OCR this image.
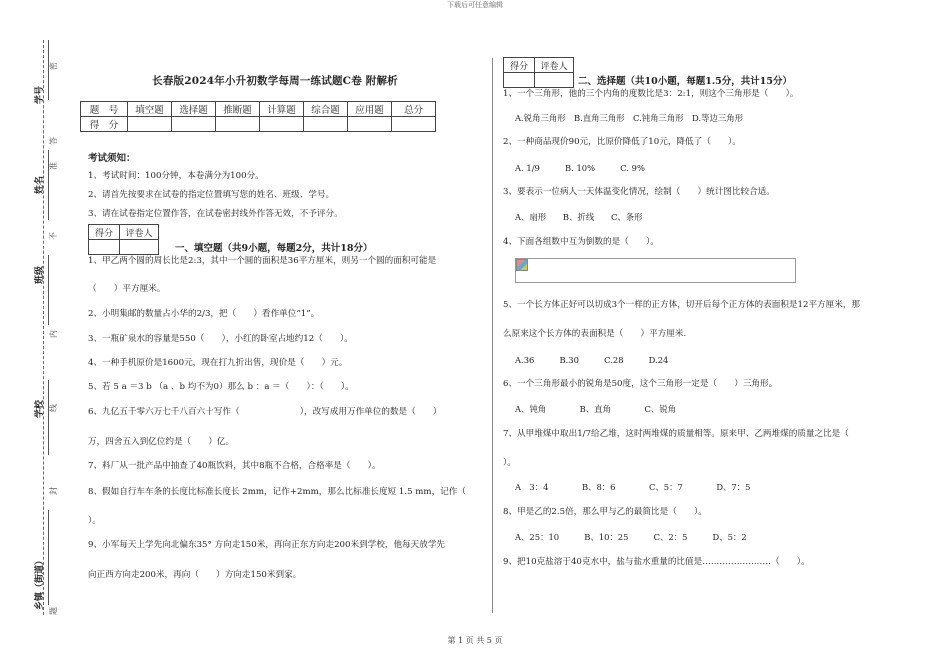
下载后可任意编辑
学号
姓名
班级
学校
乡镇（街道）
密
封
线
内
不
准
答
题
长春版2024年小升初数学每周一练试题C卷 附解析
题　号	填空题	选择题	推断题	计算题	综合题	应用题	总分
得　分							
考试须知：
1、考试时间：100分钟，本卷满分为100分。
2、请首先按要求在试卷的指定位置填写您的姓名、班级、学号。
3、请在试卷指定位置作答，在试卷密封线外作答无效，不予评分。
得分	评卷人

一、填空题（共9小题，每题2分，共计18分）
1、甲乙两个圆的周长比是2:3，其中一个圆的面积是36平方厘米，则另一个圆的面积可能是
（　　）平方厘米。
2、小明集邮的数量占小华的2/3，把（　　）看作单位“1”。
3、一瓶矿泉水的容量是550（　　），小红的卧室占地约12（　　）。
4、一种手机原价是1600元，现在打九折出售，现价是（　　）元。
5、若 5 a ＝3 b （a 、b 均不为0）那么 b ：a ＝（　　）：（　　）。
6、九亿五千零六万七千八百六十写作（　　　　　　　），改写成用万作单位的数是（　　）
万，四舍五入到亿位约是（　　）亿。
7、料厂从一批产品中抽查了40瓶饮料，其中8瓶不合格，合格率是（　　）。
8、假如自行车车条的长度比标准长度长 2mm，记作+2mm，那么比标准长度短 1.5 mm，记作（
）。
9、小军每天上学先向北偏东35° 方向走150米，再向正东方向走200米到学校，他每天放学先
向正西方向走200米，再向（　　）方向走150米到家。
得分	评卷人

二、选择题（共10小题，每题1.5分，共计15分）
1、一个三角形，他的三个内角的度数比是3：2:1，则这个三角形是（　　）。
A.锐角三角形　B.直角三角形　C.钝角三角形　D.等边三角形
2、一种商品现价90元，比原价降低了10元，降低了（　　）。
A. 1/9　　　B. 10%　　　C. 9%
3、要表示一位病人一天体温变化情况，绘制（　　）统计图比较合适。
A、扇形　　B、折线　　C、条形
4、下面各组数中互为倒数的是（　　）。
5、一个长方体正好可以切成3个一样的正方体，切开后每个正方体的表面积是12平方厘米，那
么原来这个长方体的表面积是（　　）平方厘米.
A.36　　　B.30　　　C.28　　　D.24
6、一个三角形最小的锐角是50度，这个三角形一定是（　　）三角形。
A、钝角　　　　B、直角　　　　C、锐角
7、从甲堆煤中取出1/7给乙堆，这时两堆煤的质量相等。原来甲、乙两堆煤的质量之比是（
）。
A　3：4　　　　B、8：6　　　　C、5：7　　　　D、7：5
8、甲是乙的2.5倍，那么甲与乙的最简比是（　　）。
A、25：10　　　B、10：25　　　C、2：5　　　D、5：2
9、把10克盐溶于40克水中，盐与盐水重量的比值是‥‥‥‥‥‥‥‥‥‥‥‥（　　）。
第 1 页 共 5 页
